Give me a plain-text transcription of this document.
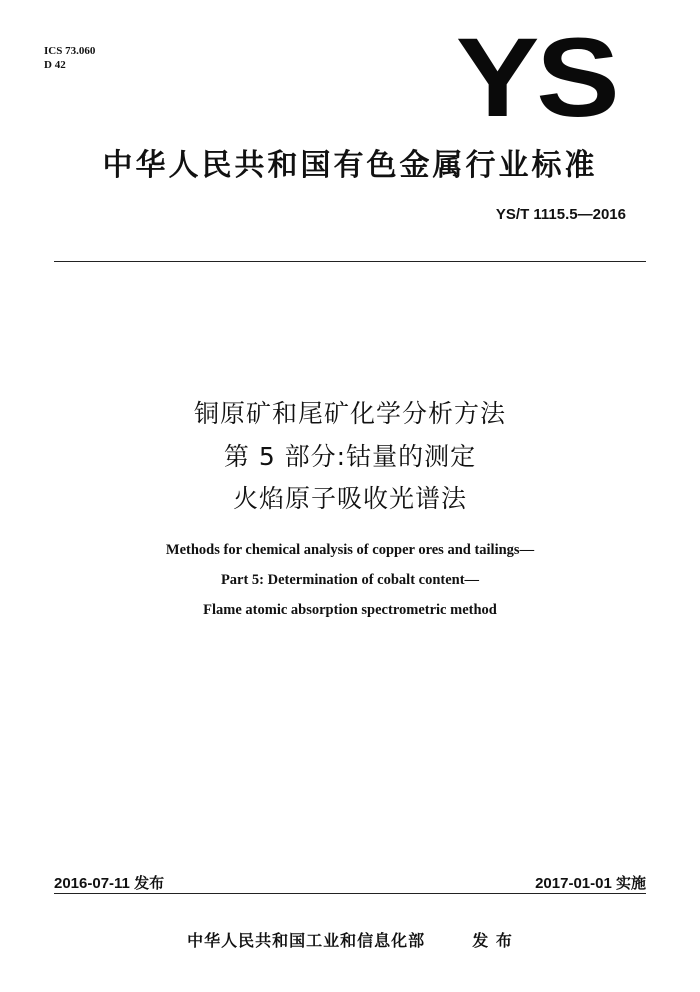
ICS 73.060
D 42	YS
中华人民共和国有色金属行业标准
YS/T 1115.5—2016
铜原矿和尾矿化学分析方法
第 5 部分:钴量的测定
火焰原子吸收光谱法
Methods for chemical analysis of copper ores and tailings—
Part 5: Determination of cobalt content—
Flame atomic absorption spectrometric method
2016-07-11 发布	2017-01-01 实施
中华人民共和国工业和信息化部	发 布
